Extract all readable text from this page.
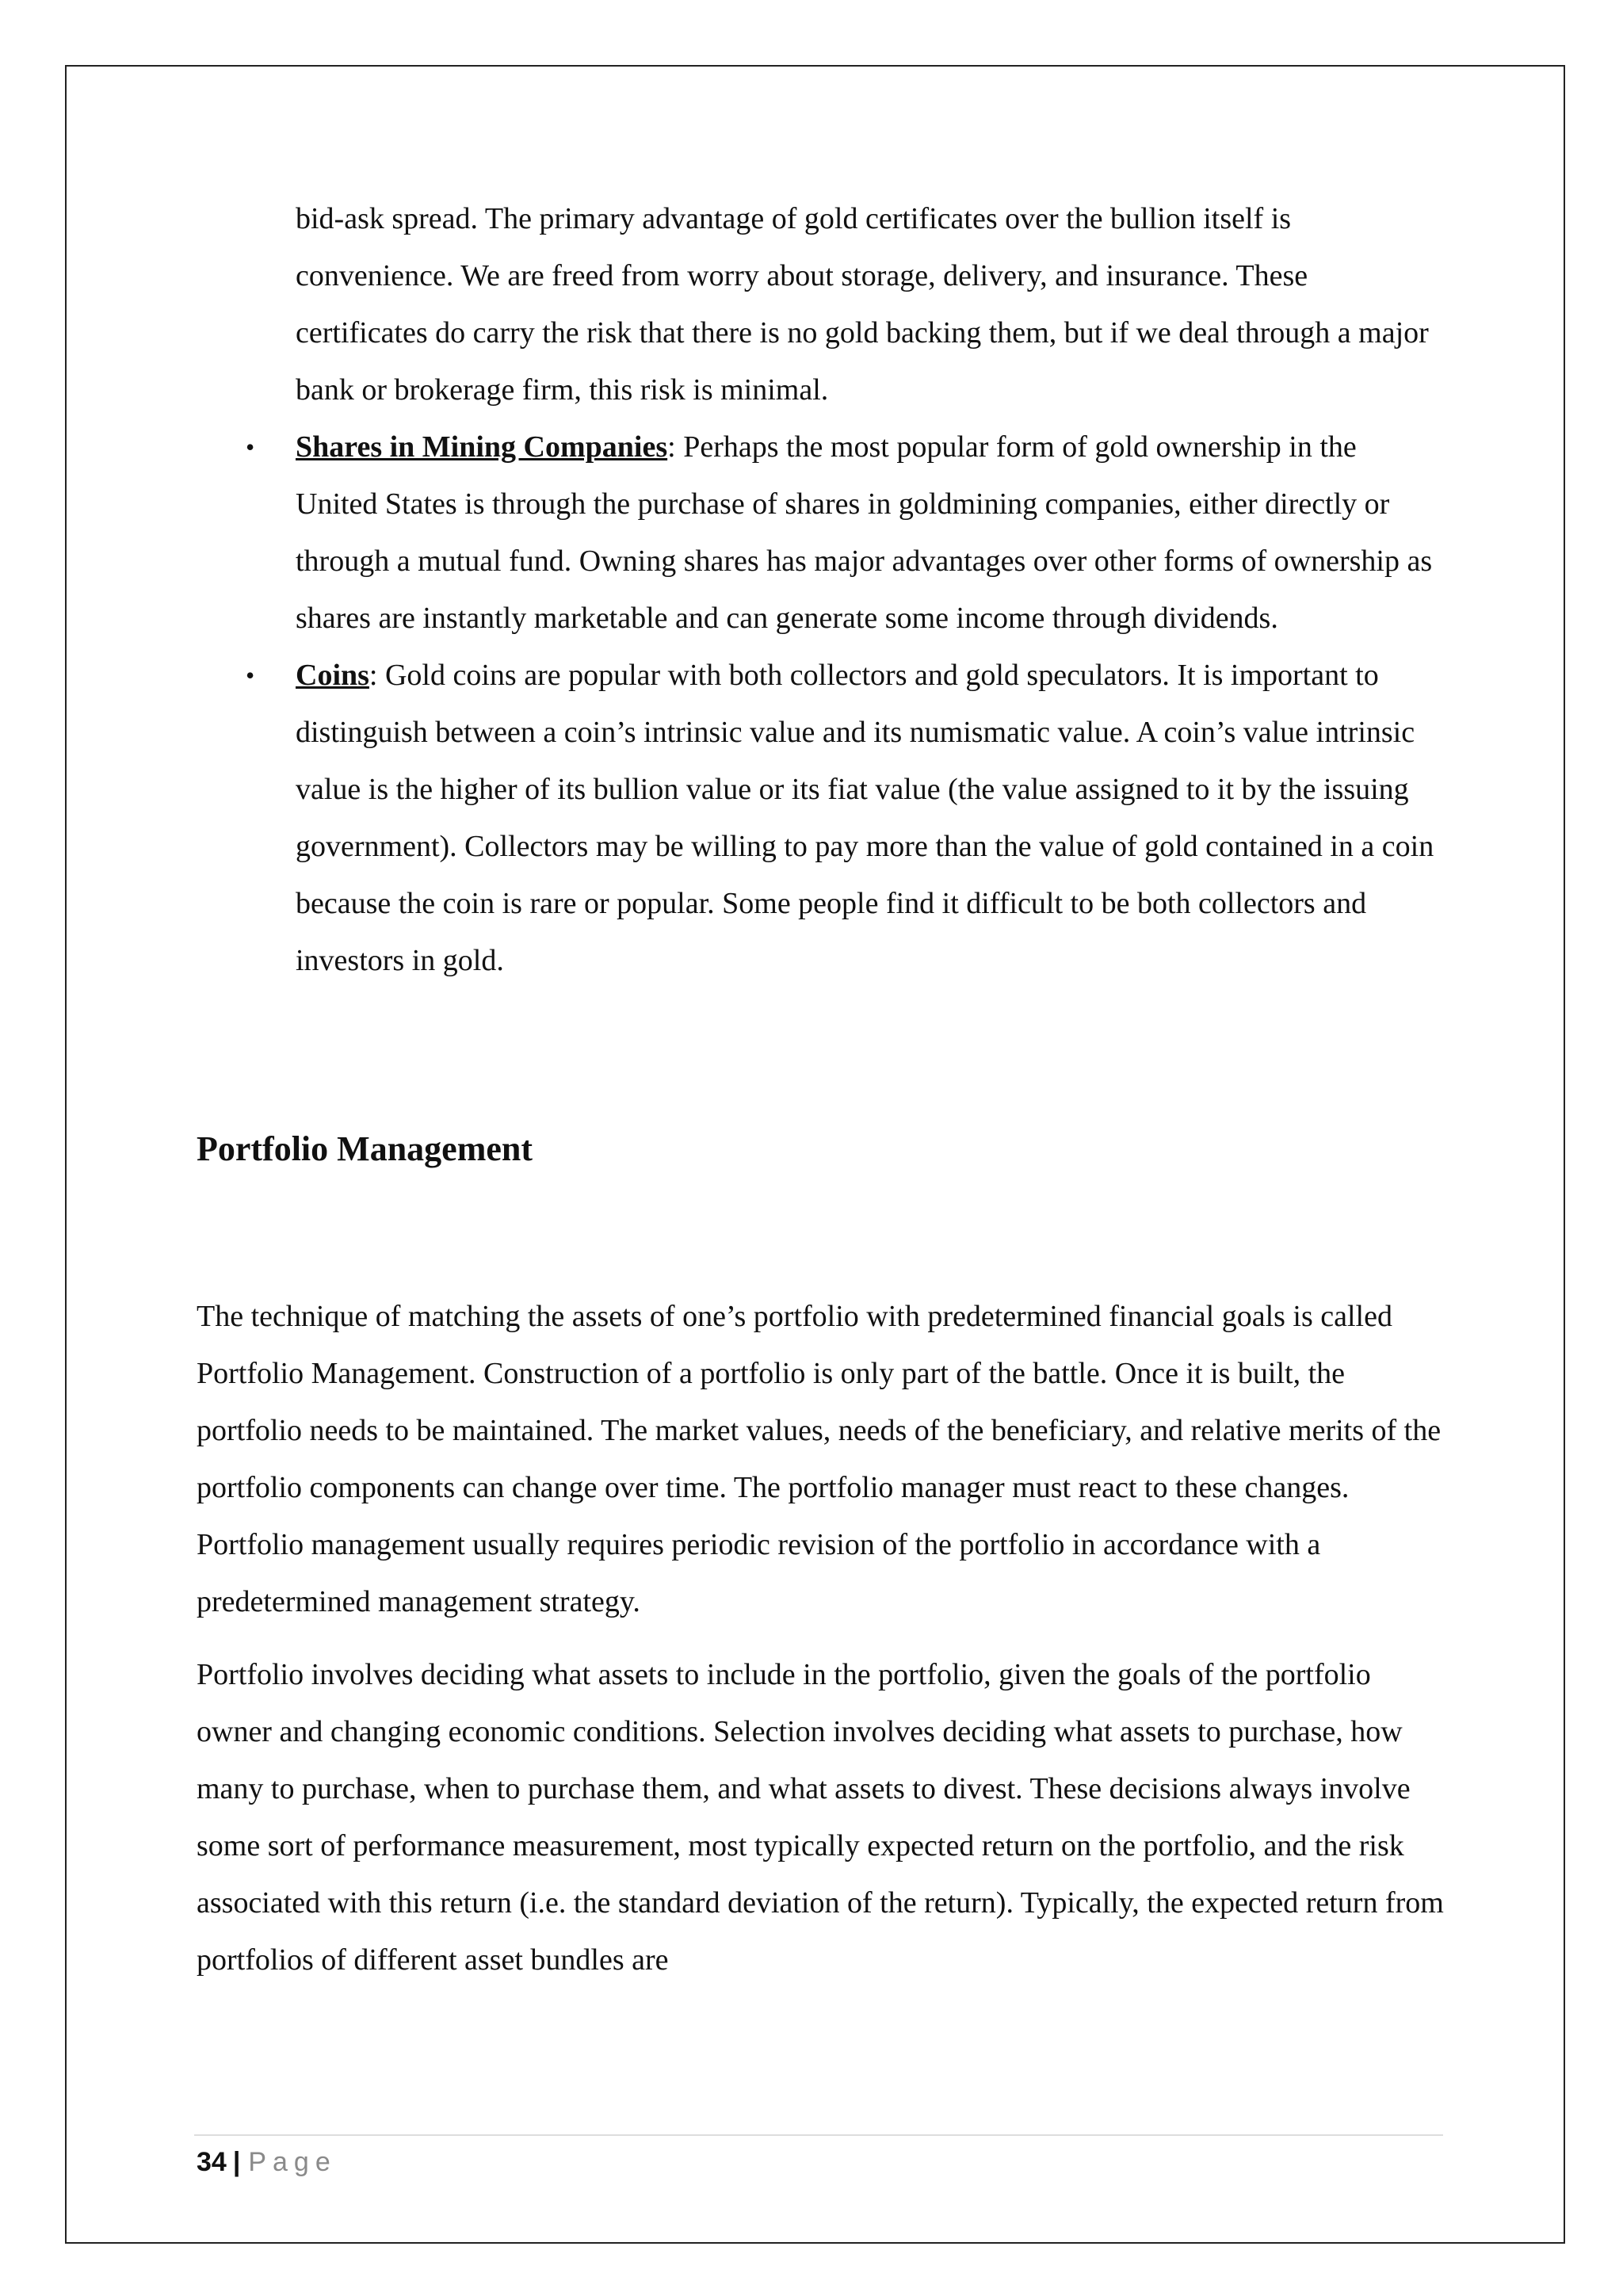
bid-ask spread. The primary advantage of gold certificates over the bullion itself is convenience. We are freed from worry about storage, delivery, and insurance. These certificates do carry the risk that there is no gold backing them, but if we deal through a major bank or brokerage firm, this risk is minimal.

• Shares in Mining Companies: Perhaps the most popular form of gold ownership in the United States is through the purchase of shares in goldmining companies, either directly or through a mutual fund. Owning shares has major advantages over other forms of ownership as shares are instantly marketable and can generate some income through dividends.

• Coins: Gold coins are popular with both collectors and gold speculators. It is important to distinguish between a coin’s intrinsic value and its numismatic value. A coin’s value intrinsic value is the higher of its bullion value or its fiat value (the value assigned to it by the issuing government). Collectors may be willing to pay more than the value of gold contained in a coin because the coin is rare or popular. Some people find it difficult to be both collectors and investors in gold.

Portfolio Management

The technique of matching the assets of one’s portfolio with predetermined financial goals is called Portfolio Management. Construction of a portfolio is only part of the battle. Once it is built, the portfolio needs to be maintained. The market values, needs of the beneficiary, and relative merits of the portfolio components can change over time. The portfolio manager must react to these changes. Portfolio management usually requires periodic revision of the portfolio in accordance with a predetermined management strategy.

Portfolio involves deciding what assets to include in the portfolio, given the goals of the portfolio owner and changing economic conditions. Selection involves deciding what assets to purchase, how many to purchase, when to purchase them, and what assets to divest. These decisions always involve some sort of performance measurement, most typically expected return on the portfolio, and the risk associated with this return (i.e. the standard deviation of the return). Typically, the expected return from portfolios of different asset bundles are

34 | Page
